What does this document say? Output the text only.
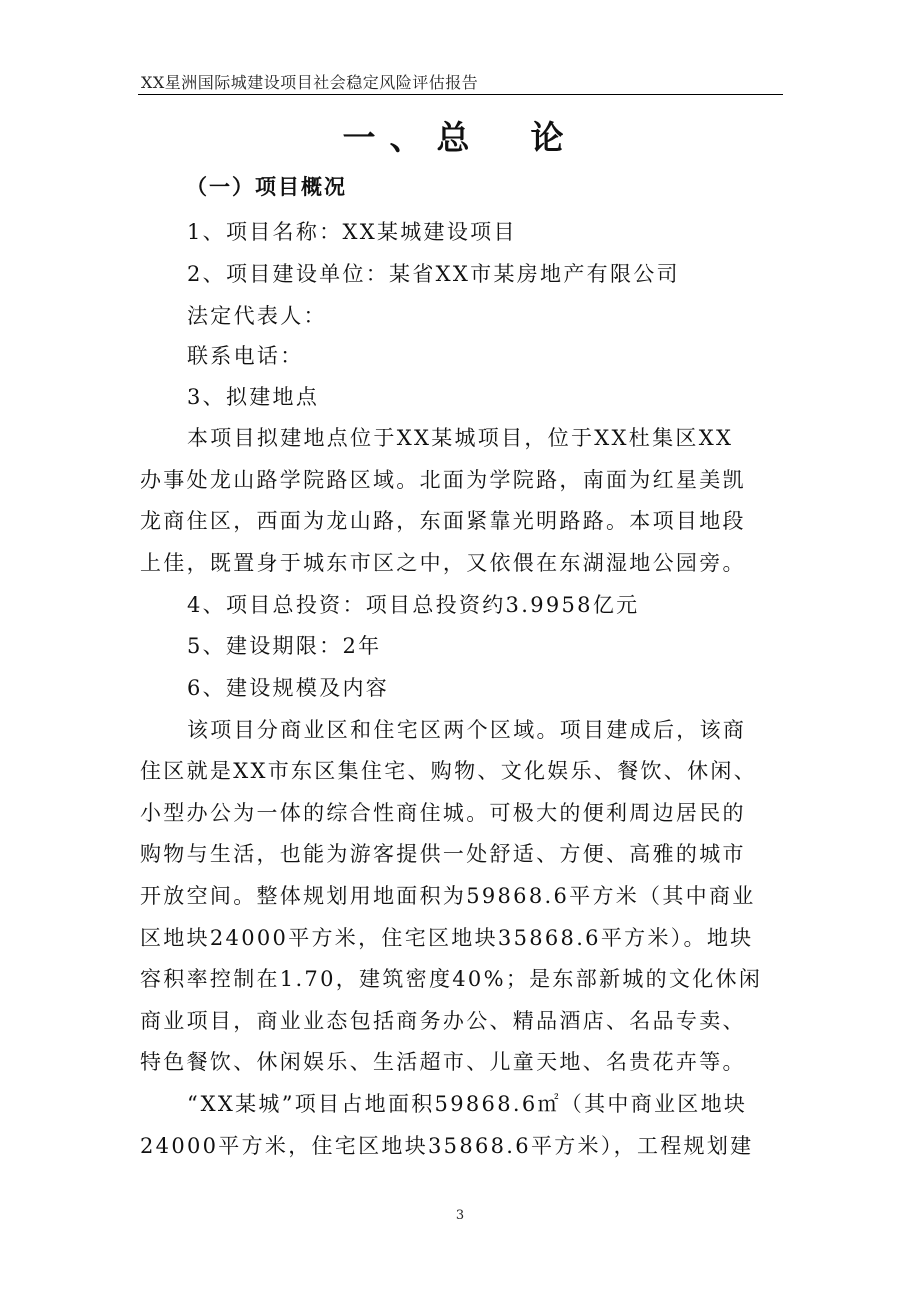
XX星洲国际城建设项目社会稳定风险评估报告
一、总　论
（一）项目概况
1、项目名称：XX某城建设项目
2、项目建设单位：某省XX市某房地产有限公司
法定代表人：
联系电话：
3、拟建地点
本项目拟建地点位于XX某城项目，位于XX杜集区XX
办事处龙山路学院路区域。北面为学院路，南面为红星美凯
龙商住区，西面为龙山路，东面紧靠光明路路。本项目地段
上佳，既置身于城东市区之中，又依偎在东湖湿地公园旁。
4、项目总投资：项目总投资约3.9958亿元
5、建设期限：2年
6、建设规模及内容
该项目分商业区和住宅区两个区域。项目建成后，该商
住区就是XX市东区集住宅、购物、文化娱乐、餐饮、休闲、
小型办公为一体的综合性商住城。可极大的便利周边居民的
购物与生活，也能为游客提供一处舒适、方便、高雅的城市
开放空间。整体规划用地面积为59868.6平方米（其中商业
区地块24000平方米，住宅区地块35868.6平方米）。地块
容积率控制在1.70，建筑密度40%；是东部新城的文化休闲
商业项目，商业业态包括商务办公、精品酒店、名品专卖、
特色餐饮、休闲娱乐、生活超市、儿童天地、名贵花卉等。
“XX某城”项目占地面积59868.6㎡（其中商业区地块
24000平方米，住宅区地块35868.6平方米），工程规划建
3
